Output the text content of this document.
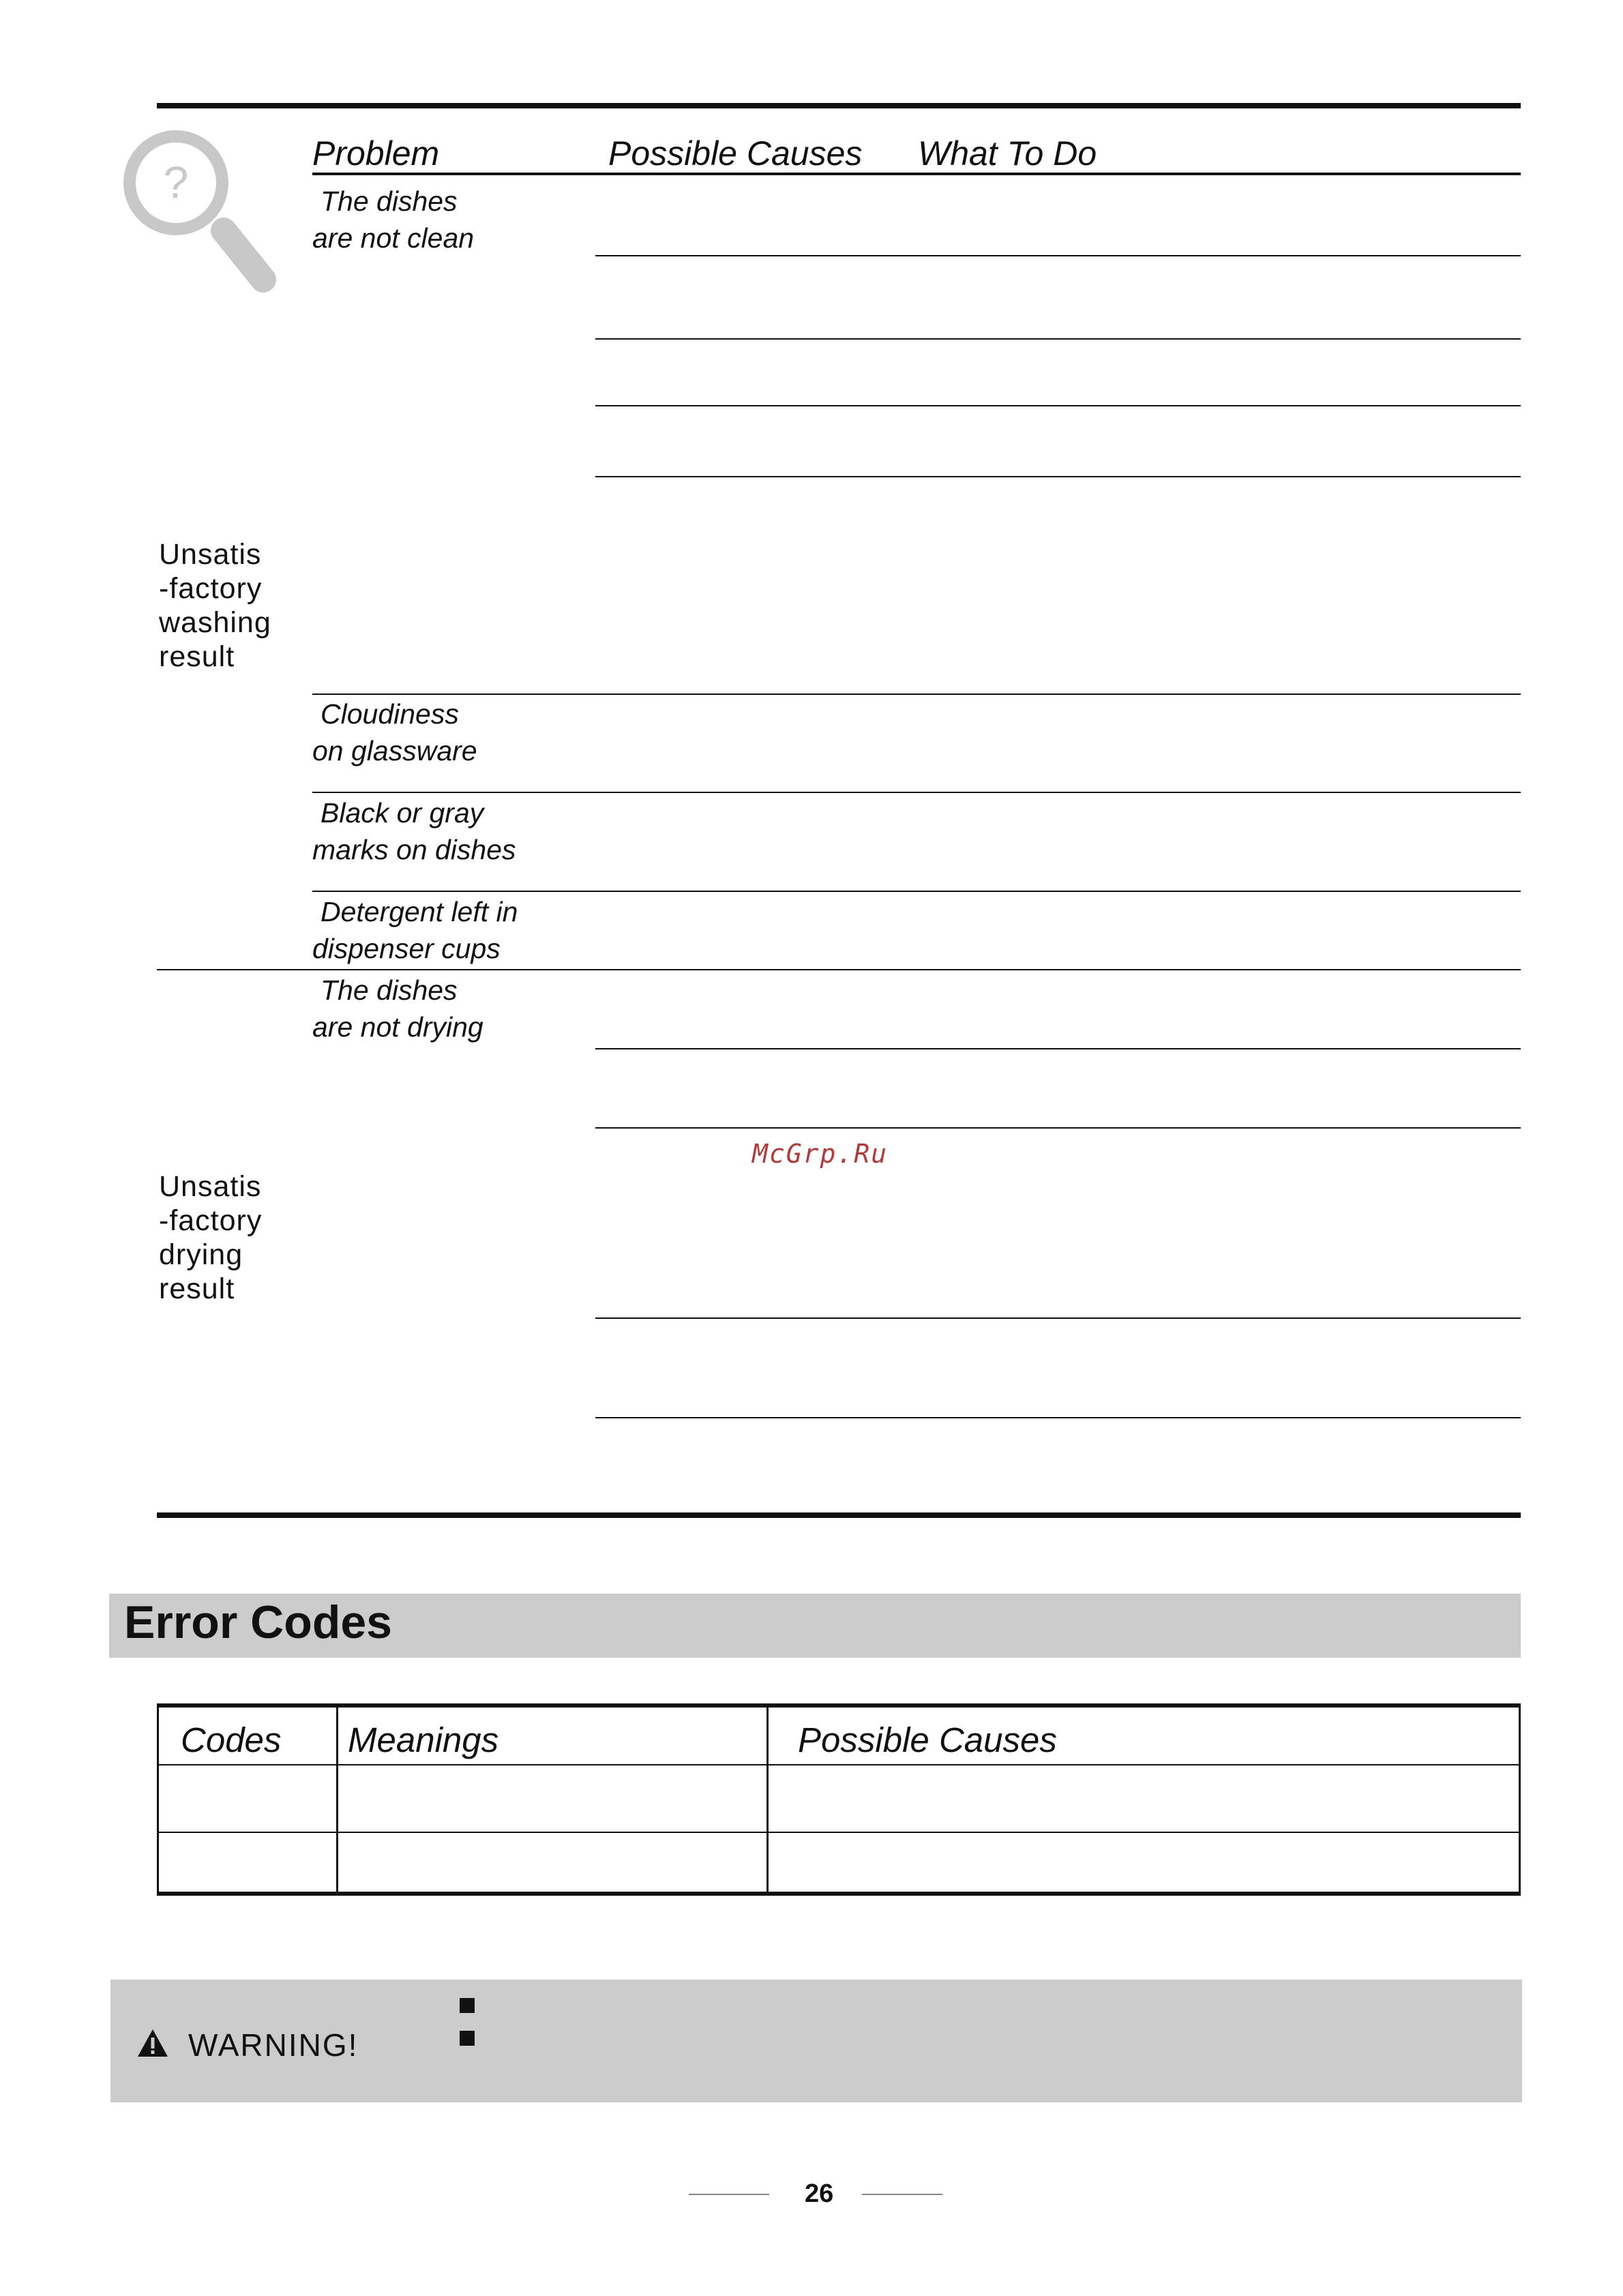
?
Problem	Possible Causes What To Do
The dishes
are not clean
Unsatis
-factory
washing
result
Cloudiness
on glassware
Black or gray
marks on dishes
Detergent left in
dispenser cups
The dishes
are not drying
McGrp.Ru
Unsatis
-factory
drying
result
Error Codes
Codes Meanings	Possible Causes
WARNING!
26
